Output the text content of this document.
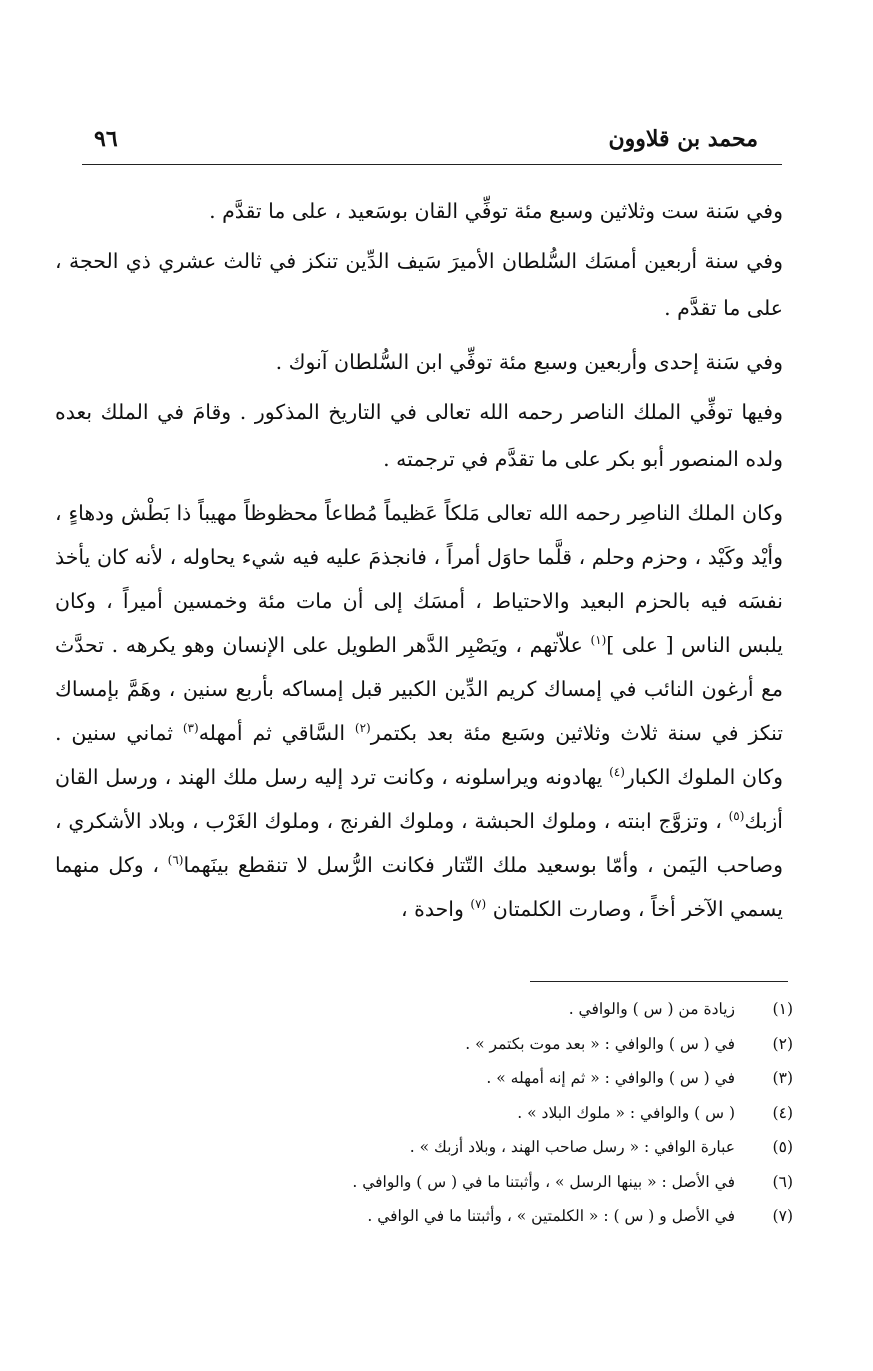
محمد بن قلاوون
٩٦

وفي سَنة ست وثلاثين وسبع مئة توفِّي القان بوسَعيد ، على ما تقدَّم .

وفي سنة أربعين أمسَك السُّلطان الأميرَ سَيف الدِّين تنكز في ثالث عشري ذي الحجة ، على ما تقدَّم .

وفي سَنة إحدى وأربعين وسبع مئة توفِّي ابن السُّلطان آنوك .

وفيها توفِّي الملك الناصر رحمه الله تعالى في التاريخ المذكور . وقامَ في الملك بعده ولده المنصور أبو بكر على ما تقدَّم في ترجمته .

وكان الملك الناصِر رحمه الله تعالى مَلكاً عَظيماً مُطاعاً محظوظاً مهيباً ذا بَطْش ودهاءٍ ، وأيْد وكَيْد ، وحزم وحلم ، قلَّما حاوَل أمراً ، فانجذمَ عليه فيه شيء يحاوله ، لأنه كان يأخذ نفسَه فيه بالحزم البعيد والاحتياط ، أمسَك إلى أن مات مئة وخمسين أميراً ، وكان يلبس الناس [ على ]$^{(١)}$ علاّتهم ، ويَصْبِر الدَّهر الطويل على الإنسان وهو يكرهه . تحدَّث مع أرغون النائب في إمساك كريم الدِّين الكبير قبل إمساكه بأربع سنين ، وهَمَّ بإمساك تنكز في سنة ثلاث وثلاثين وسَبع مئة بعد بكتمر$^{(٢)}$ السَّاقي ثم أمهله$^{(٣)}$ ثماني سنين . وكان الملوك الكبار$^{(٤)}$ يهادونه ويراسلونه ، وكانت ترد إليه رسل ملك الهند ، ورسل القان أزبك$^{(٥)}$ ، وتزوَّج ابنته ، وملوك الحبشة ، وملوك الفرنج ، وملوك الغَرْب ، وبلاد الأشكري ، وصاحب اليَمن ، وأمّا بوسعيد ملك التّتار فكانت الرُّسل لا تنقطع بينَهما$^{(٦)}$ ، وكل منهما يسمي الآخر أخاً ، وصارت الكلمتان $^{(٧)}$ واحدة ،

(١)
زيادة من ( س ) والوافي .
(٢)
في ( س ) والوافي : « بعد موت بكتمر » .
(٣)
في ( س ) والوافي : « ثم إنه أمهله » .
(٤)
( س ) والوافي : « ملوك البلاد » .
(٥)
عبارة الوافي : « رسل صاحب الهند ، وبلاد أزبك » .
(٦)
في الأصل : « بينها الرسل » ، وأثبتنا ما في ( س ) والوافي .
(٧)
في الأصل و ( س ) : « الكلمتين » ، وأثبتنا ما في الوافي .
